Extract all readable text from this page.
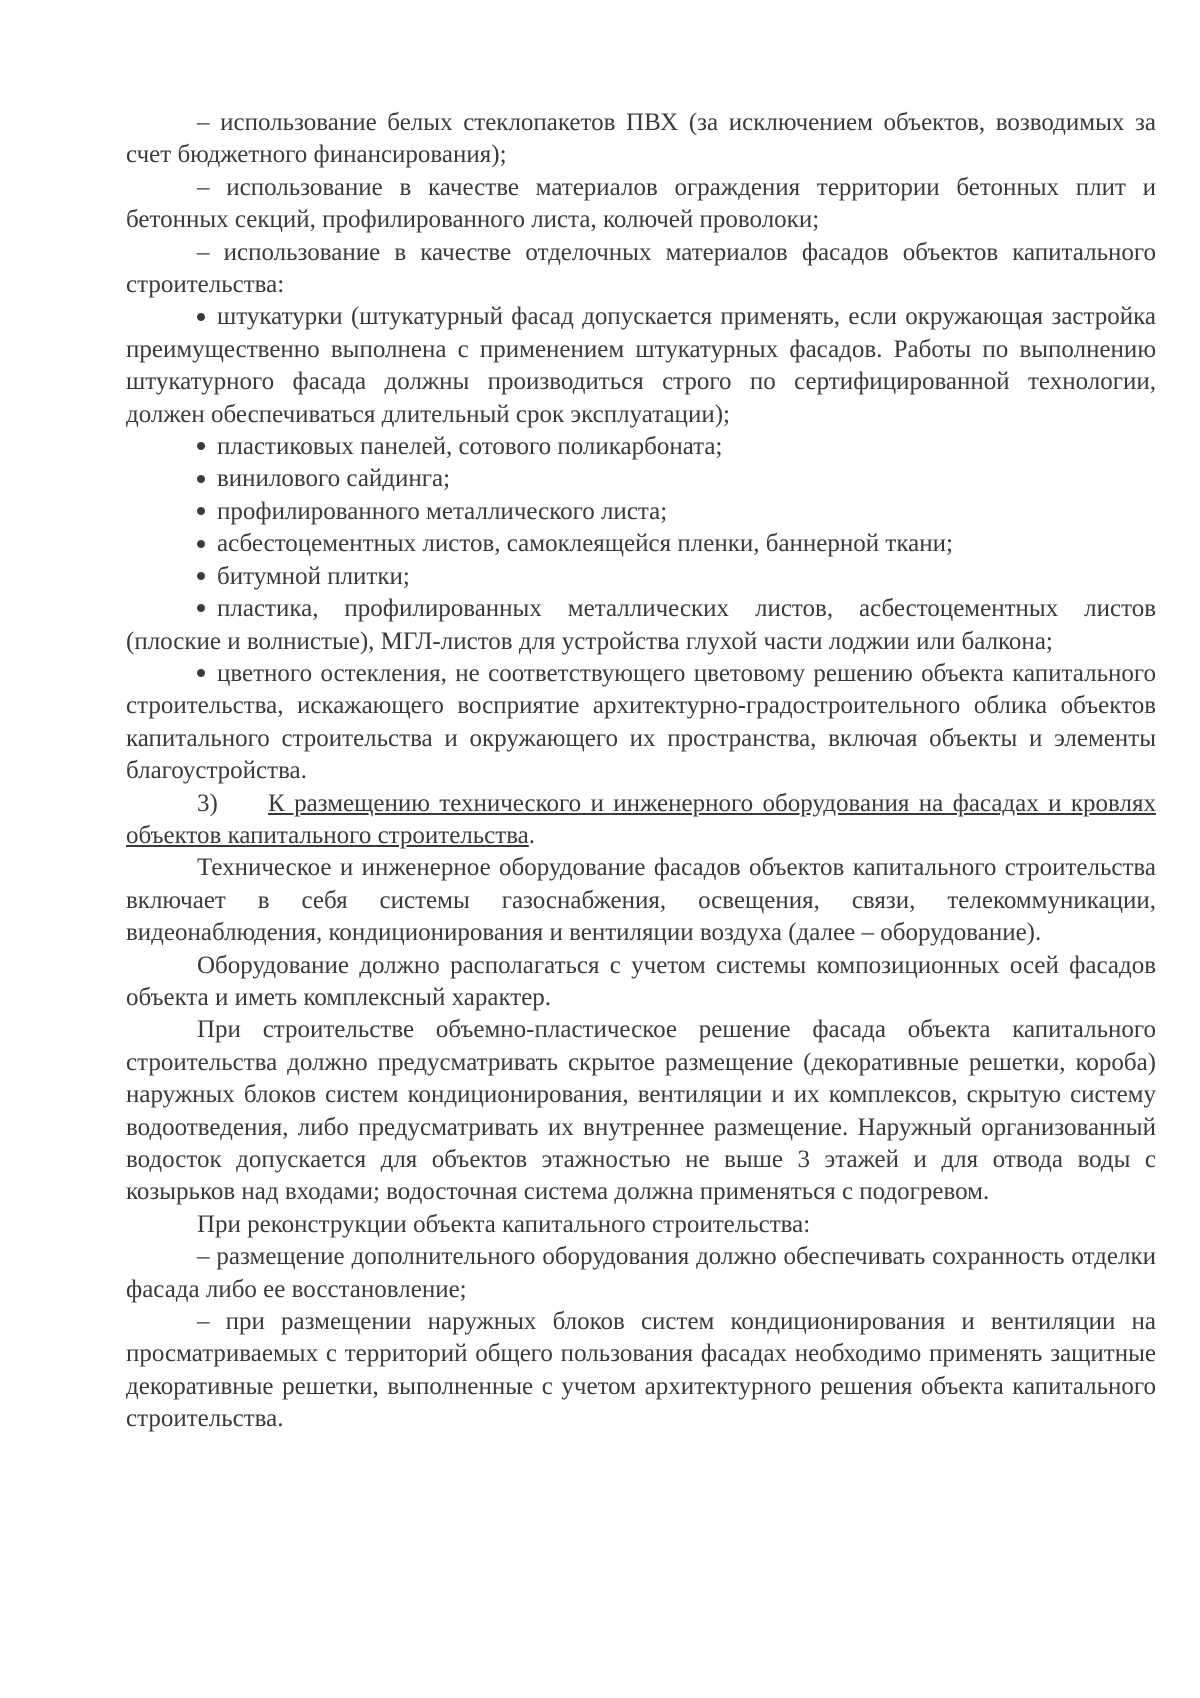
– использование белых стеклопакетов ПВХ (за исключением объектов, возводимых за счет бюджетного финансирования);

– использование в качестве материалов ограждения территории бетонных плит и бетонных секций, профилированного листа, колючей проволоки;

– использование в качестве отделочных материалов фасадов объектов капитального строительства:

штукатурки (штукатурный фасад допускается применять, если окружающая застройка преимущественно выполнена с применением штукатурных фасадов. Работы по выполнению штукатурного фасада должны производиться строго по сертифицированной технологии, должен обеспечиваться длительный срок эксплуатации);

пластиковых панелей, сотового поликарбоната;

винилового сайдинга;

профилированного металлического листа;

асбестоцементных листов, самоклеящейся пленки, баннерной ткани;

битумной плитки;

пластика, профилированных металлических листов, асбестоцементных листов (плоские и волнистые), МГЛ-листов для устройства глухой части лоджии или балкона;

цветного остекления, не соответствующего цветовому решению объекта капитального строительства, искажающего восприятие архитектурно-градостроительного облика объектов капитального строительства и окружающего их пространства, включая объекты и элементы благоустройства.

3) К размещению технического и инженерного оборудования на фасадах и кровлях объектов капитального строительства.

Техническое и инженерное оборудование фасадов объектов капитального строительства включает в себя системы газоснабжения, освещения, связи, телекоммуникации, видеонаблюдения, кондиционирования и вентиляции воздуха (далее – оборудование).

Оборудование должно располагаться с учетом системы композиционных осей фасадов объекта и иметь комплексный характер.

При строительстве объемно-пластическое решение фасада объекта капитального строительства должно предусматривать скрытое размещение (декоративные решетки, короба) наружных блоков систем кондиционирования, вентиляции и их комплексов, скрытую систему водоотведения, либо предусматривать их внутреннее размещение. Наружный организованный водосток допускается для объектов этажностью не выше 3 этажей и для отвода воды с козырьков над входами; водосточная система должна применяться с подогревом.

При реконструкции объекта капитального строительства:

– размещение дополнительного оборудования должно обеспечивать сохранность отделки фасада либо ее восстановление;

– при размещении наружных блоков систем кондиционирования и вентиляции на просматриваемых с территорий общего пользования фасадах необходимо применять защитные декоративные решетки, выполненные с учетом архитектурного решения объекта капитального строительства.
